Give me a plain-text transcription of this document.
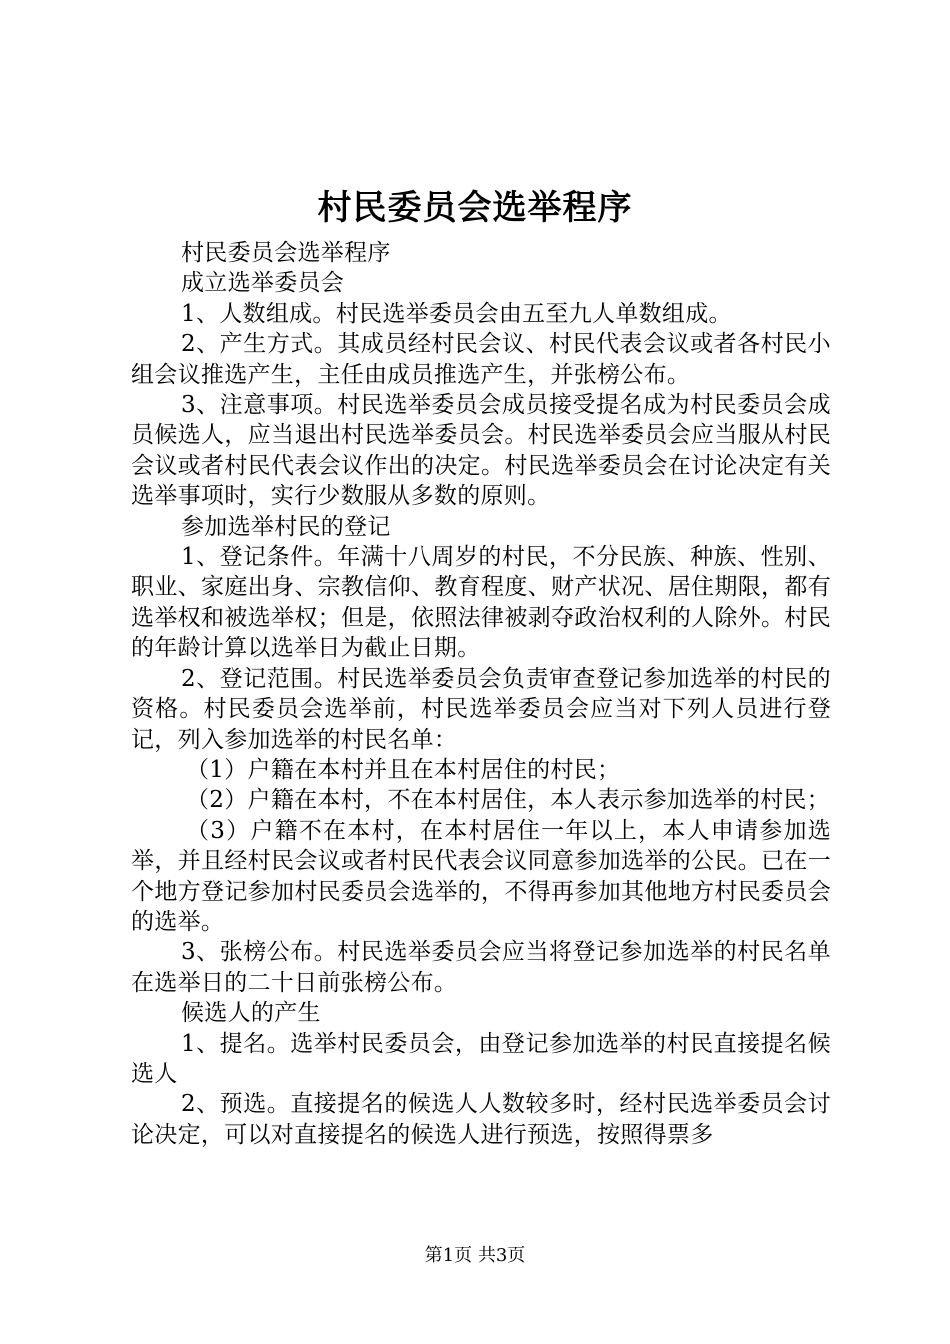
村民委员会选举程序

村民委员会选举程序

成立选举委员会

1、人数组成。村民选举委员会由五至九人单数组成。

2、产生方式。其成员经村民会议、村民代表会议或者各村民小组会议推选产生，主任由成员推选产生，并张榜公布。

3、注意事项。村民选举委员会成员接受提名成为村民委员会成员候选人，应当退出村民选举委员会。村民选举委员会应当服从村民会议或者村民代表会议作出的决定。村民选举委员会在讨论决定有关选举事项时，实行少数服从多数的原则。

参加选举村民的登记

1、登记条件。年满十八周岁的村民，不分民族、种族、性别、职业、家庭出身、宗教信仰、教育程度、财产状况、居住期限，都有选举权和被选举权；但是，依照法律被剥夺政治权利的人除外。村民的年龄计算以选举日为截止日期。

2、登记范围。村民选举委员会负责审查登记参加选举的村民的资格。村民委员会选举前，村民选举委员会应当对下列人员进行登记，列入参加选举的村民名单：

（1）户籍在本村并且在本村居住的村民；

（2）户籍在本村，不在本村居住，本人表示参加选举的村民；

（3）户籍不在本村，在本村居住一年以上，本人申请参加选举，并且经村民会议或者村民代表会议同意参加选举的公民。已在一个地方登记参加村民委员会选举的，不得再参加其他地方村民委员会的选举。

3、张榜公布。村民选举委员会应当将登记参加选举的村民名单在选举日的二十日前张榜公布。

候选人的产生

1、提名。选举村民委员会，由登记参加选举的村民直接提名候选人

2、预选。直接提名的候选人人数较多时，经村民选举委员会讨论决定，可以对直接提名的候选人进行预选，按照得票多

第1页 共3页
